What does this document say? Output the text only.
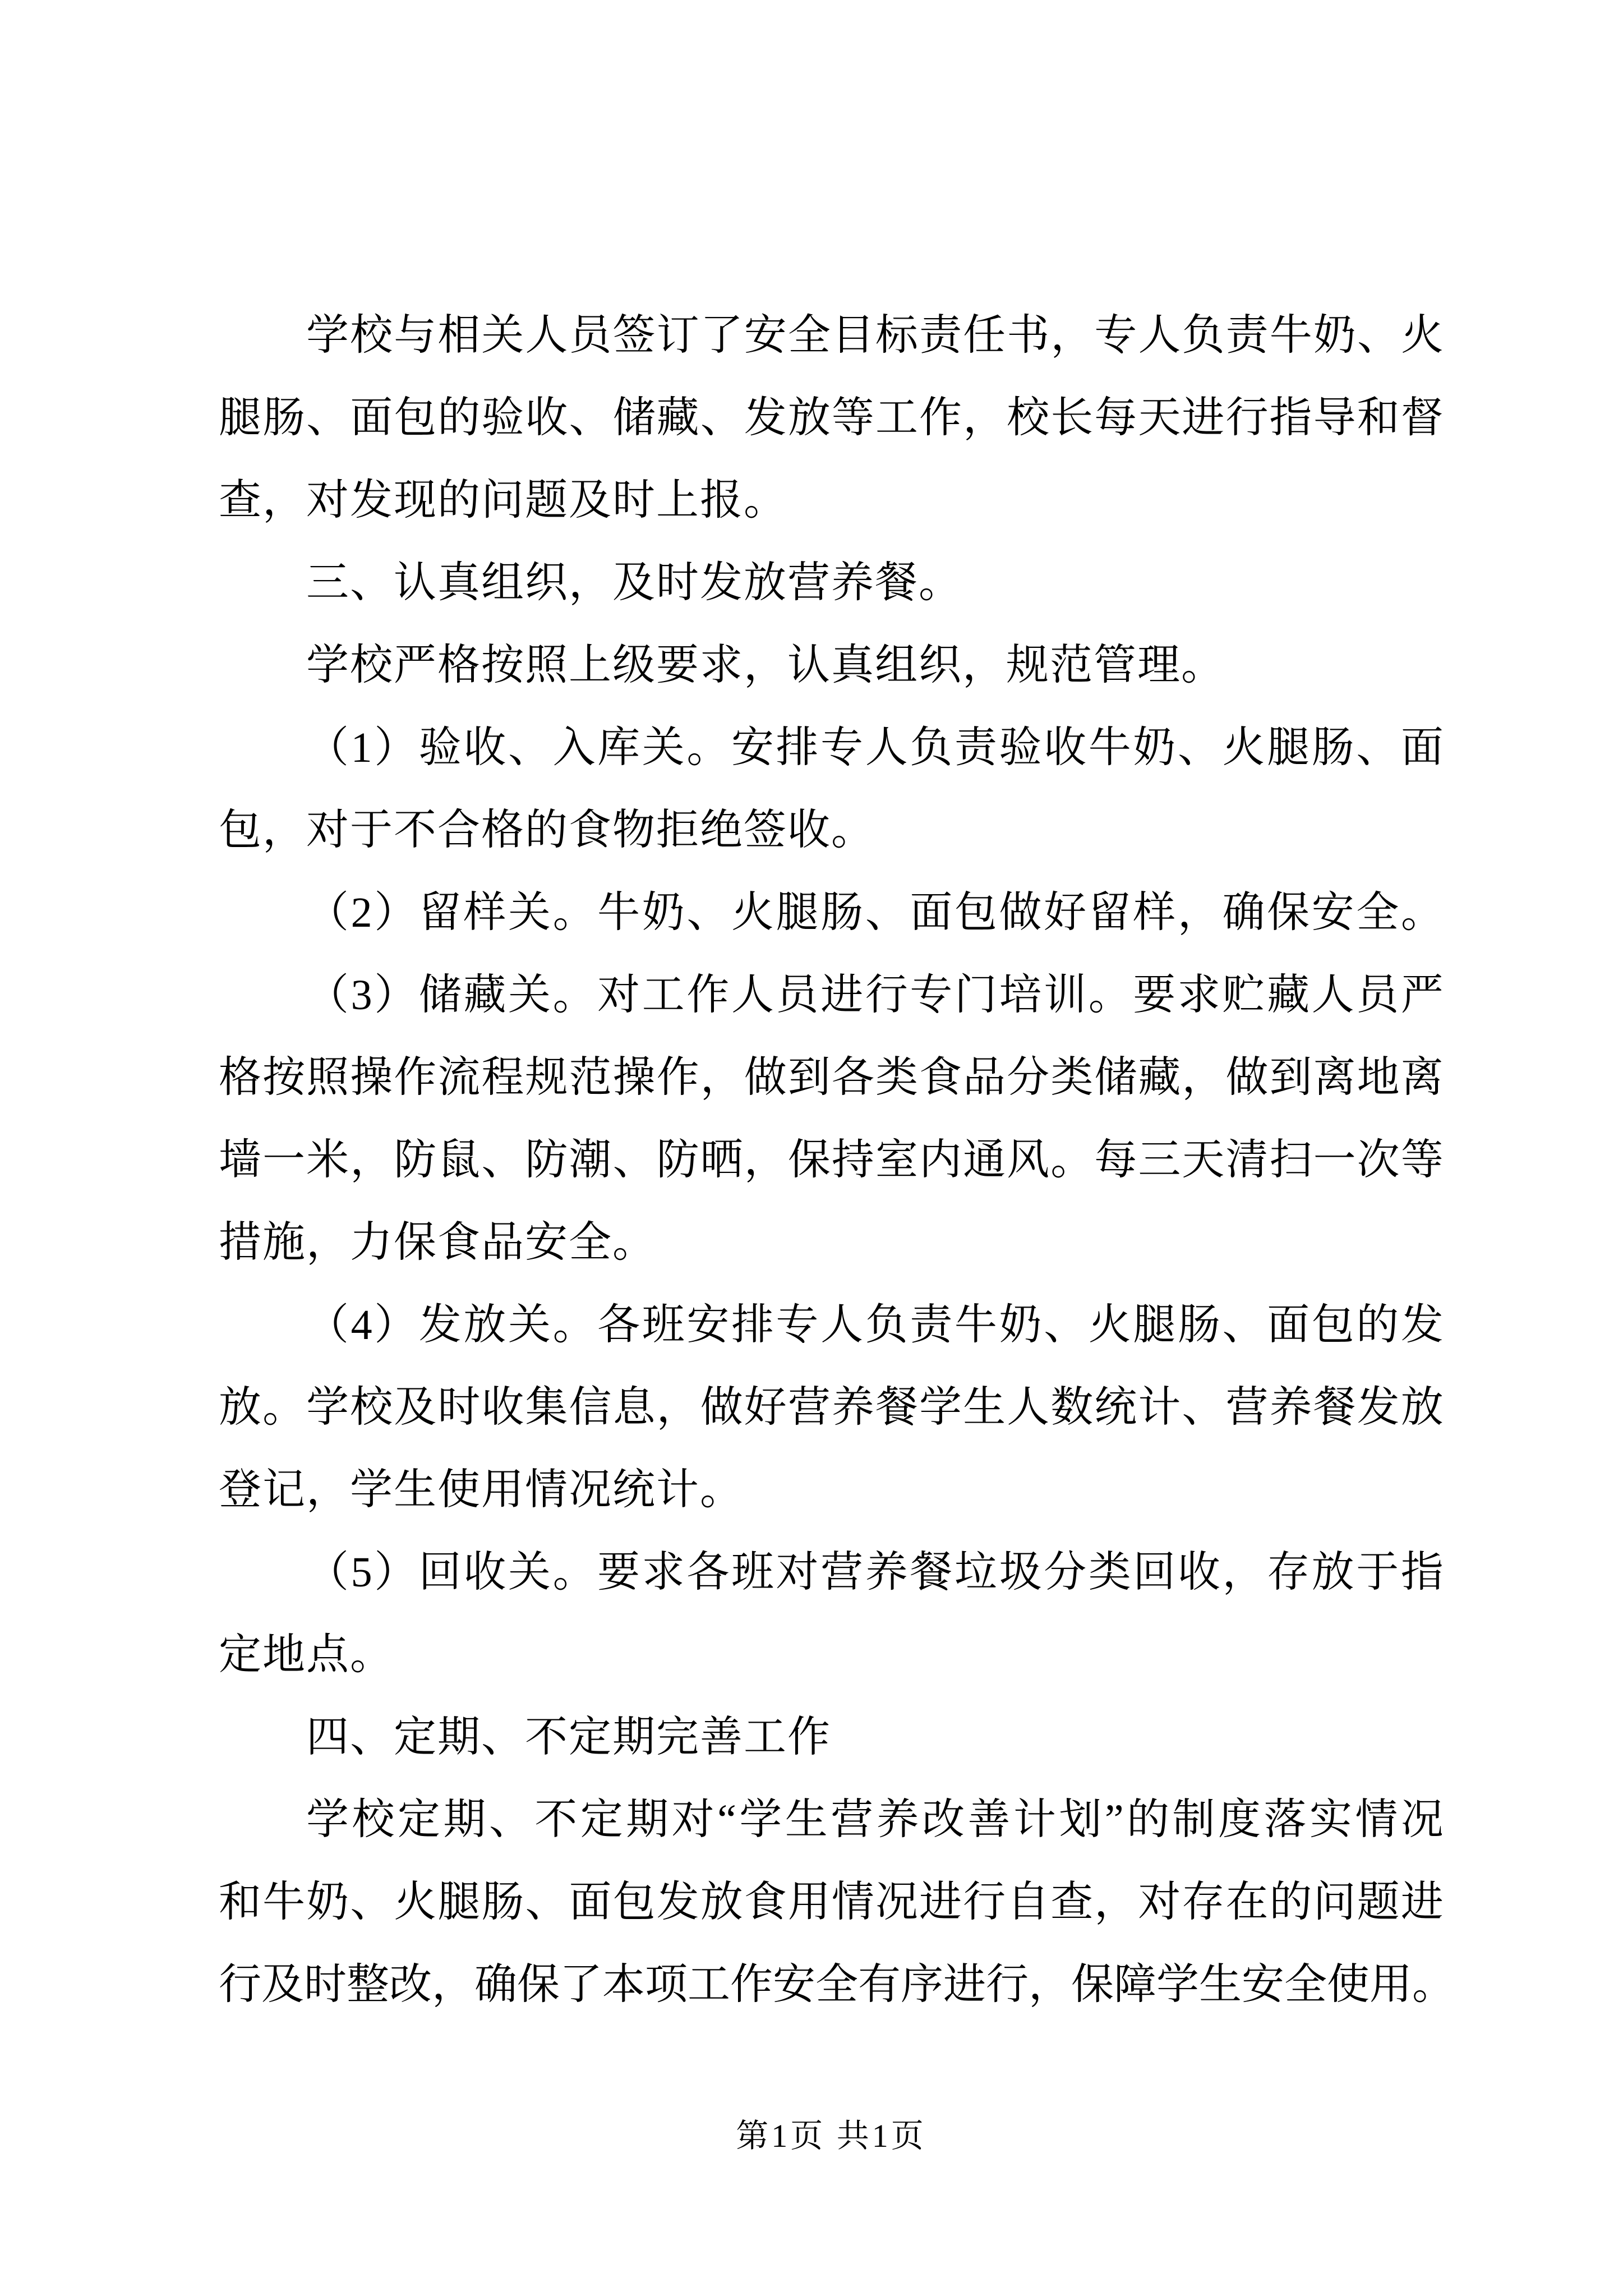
学 校 与 相 关 人 员 签 订 了 安 全 目 标 责 任 书 ， 专 人 负 责 牛 奶 、 火
腿 肠 、 面 包 的 验 收 、 储 藏 、 发 放 等 工 作 ， 校 长 每 天 进 行 指 导 和 督
查，对发现的问题及时上报。
三、认真组织，及时发放营养餐。
学校严格按照上级要求，认真组织，规范管理。
（ 1 ） 验 收 、 入 库 关 。 安 排 专 人 负 责 验 收 牛 奶 、 火 腿 肠 、 面
包，对于不合格的食物拒绝签收。
（ 2 ） 留 样 关 。 牛 奶 、 火 腿 肠 、 面 包 做 好 留 样 ， 确 保 安 全 。
（ 3 ） 储 藏 关 。 对 工 作 人 员 进 行 专 门 培 训 。 要 求 贮 藏 人 员 严
格 按 照 操 作 流 程 规 范 操 作 ， 做 到 各 类 食 品 分 类 储 藏 ， 做 到 离 地 离
墙 一 米 ， 防 鼠 、 防 潮 、 防 晒 ， 保 持 室 内 通 风 。 每 三 天 清 扫 一 次 等
措施，力保食品安全。
（ 4 ） 发 放 关 。 各 班 安 排 专 人 负 责 牛 奶 、 火 腿 肠 、 面 包 的 发
放 。 学 校 及 时 收 集 信 息 ， 做 好 营 养 餐 学 生 人 数 统 计 、 营 养 餐 发 放
登记，学生使用情况统计。
（ 5 ） 回 收 关 。 要 求 各 班 对 营 养 餐 垃 圾 分 类 回 收 ， 存 放 于 指
定地点。
四、定期、不定期完善工作
学 校 定 期 、 不 定 期 对 “ 学 生 营 养 改 善 计 划 ” 的 制 度 落 实 情 况
和 牛 奶 、 火 腿 肠 、 面 包 发 放 食 用 情 况 进 行 自 查 ， 对 存 在 的 问 题 进
行 及 时 整 改 ， 确 保 了 本 项 工 作 安 全 有 序 进 行 ， 保 障 学 生 安 全 使 用 。
第1页 共1页
